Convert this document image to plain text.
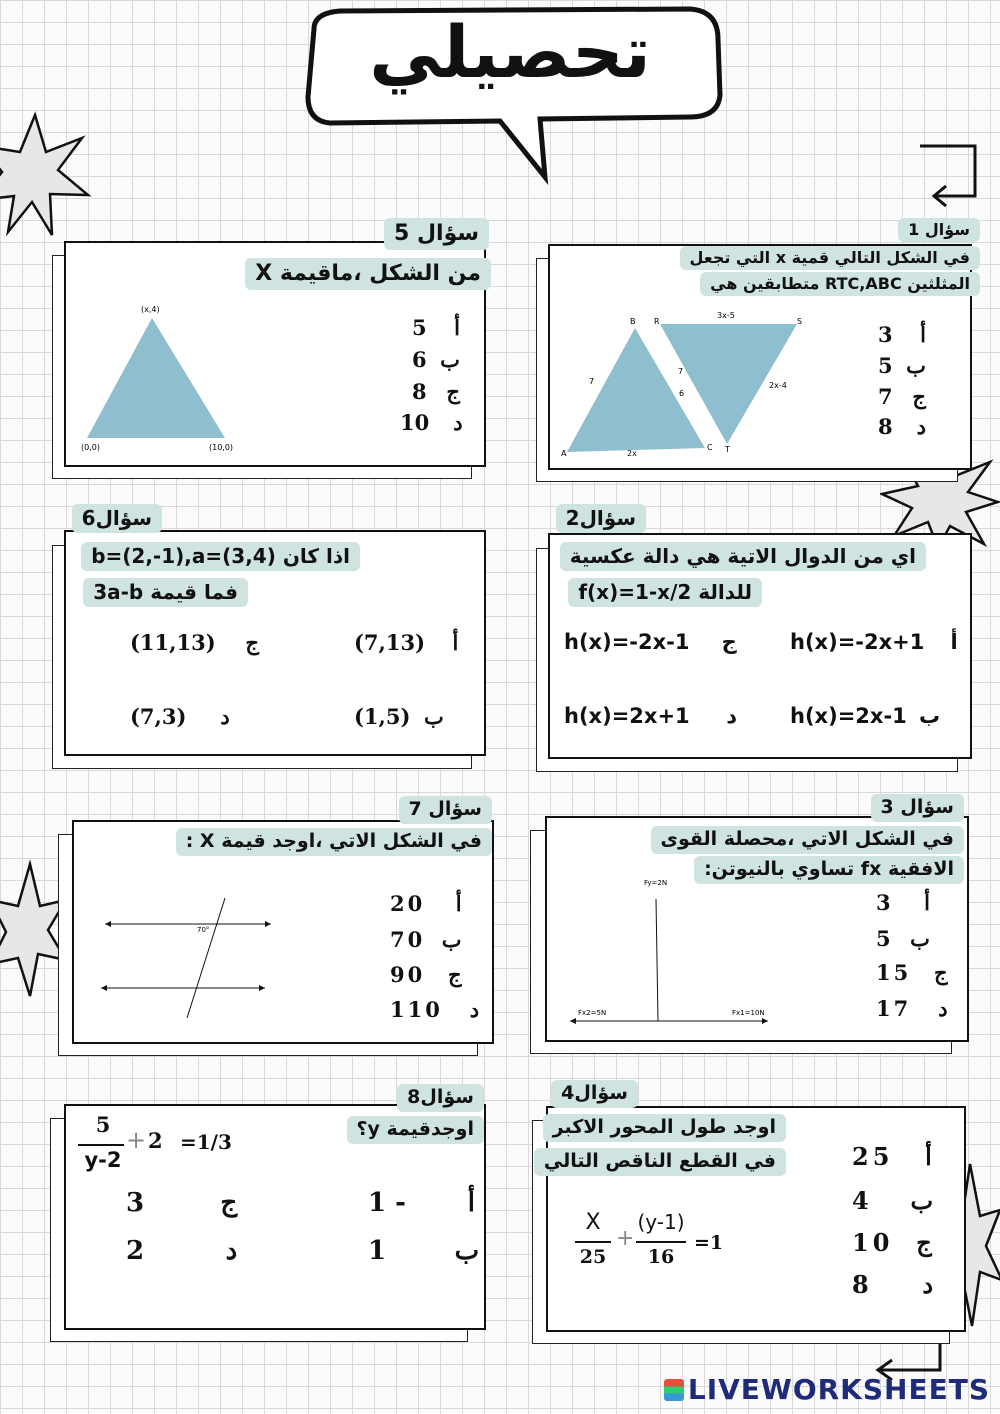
تحصيلي
سؤال 5
من الشكل ،ماقيمة X
(x,4)
(0,0)	(10,0)
5 أ
6 ب
8 ج
10 د
سؤال 1
في الشكل التالي قمية x التي تجعل
المثلثين RTC,ABC متطابقين هي
B R	S
A
C T
3x-5
2x-4
2x
7
7
6
3 أ
5 ب
7 ج
8 د
سؤال6
اذا كان (3,4)=b=(2,-1),a
فما قيمة 3a-b
(7,13) أ
(1,5) ب
(11,13) ج
(7,3) د
سؤال2
اي من الدوال الاتية هي دالة عكسية
للدالة f(x)=1-x/2
h(x)=-2x+1 أ
h(x)=2x-1 ب
h(x)=-2x-1 ج
h(x)=2x+1 د
سؤال 7
في الشكل الاتي ،اوجد قيمة X :
70°
20 أ
70 ب
90 ج
110 د
سؤال 3
في الشكل الاتي ،محصلة القوى
الافقية fx تساوي بالنيوتن:
Fy=2N
Fx2=5N	Fx1=10N
3 أ
5 ب
15 ج
17 د
سؤال8
اوجدقيمة y؟
5
y-2
+ 2 =1/3
1 - أ
1	ب
3	ج
2	د
سؤال4
اوجد طول المحور الاكبر
في القطع الناقص التالي
X
25
+
(y-1)
16
=1
25 أ
4 ب
10 ج
8 د
LIVEWORKSHEETS
